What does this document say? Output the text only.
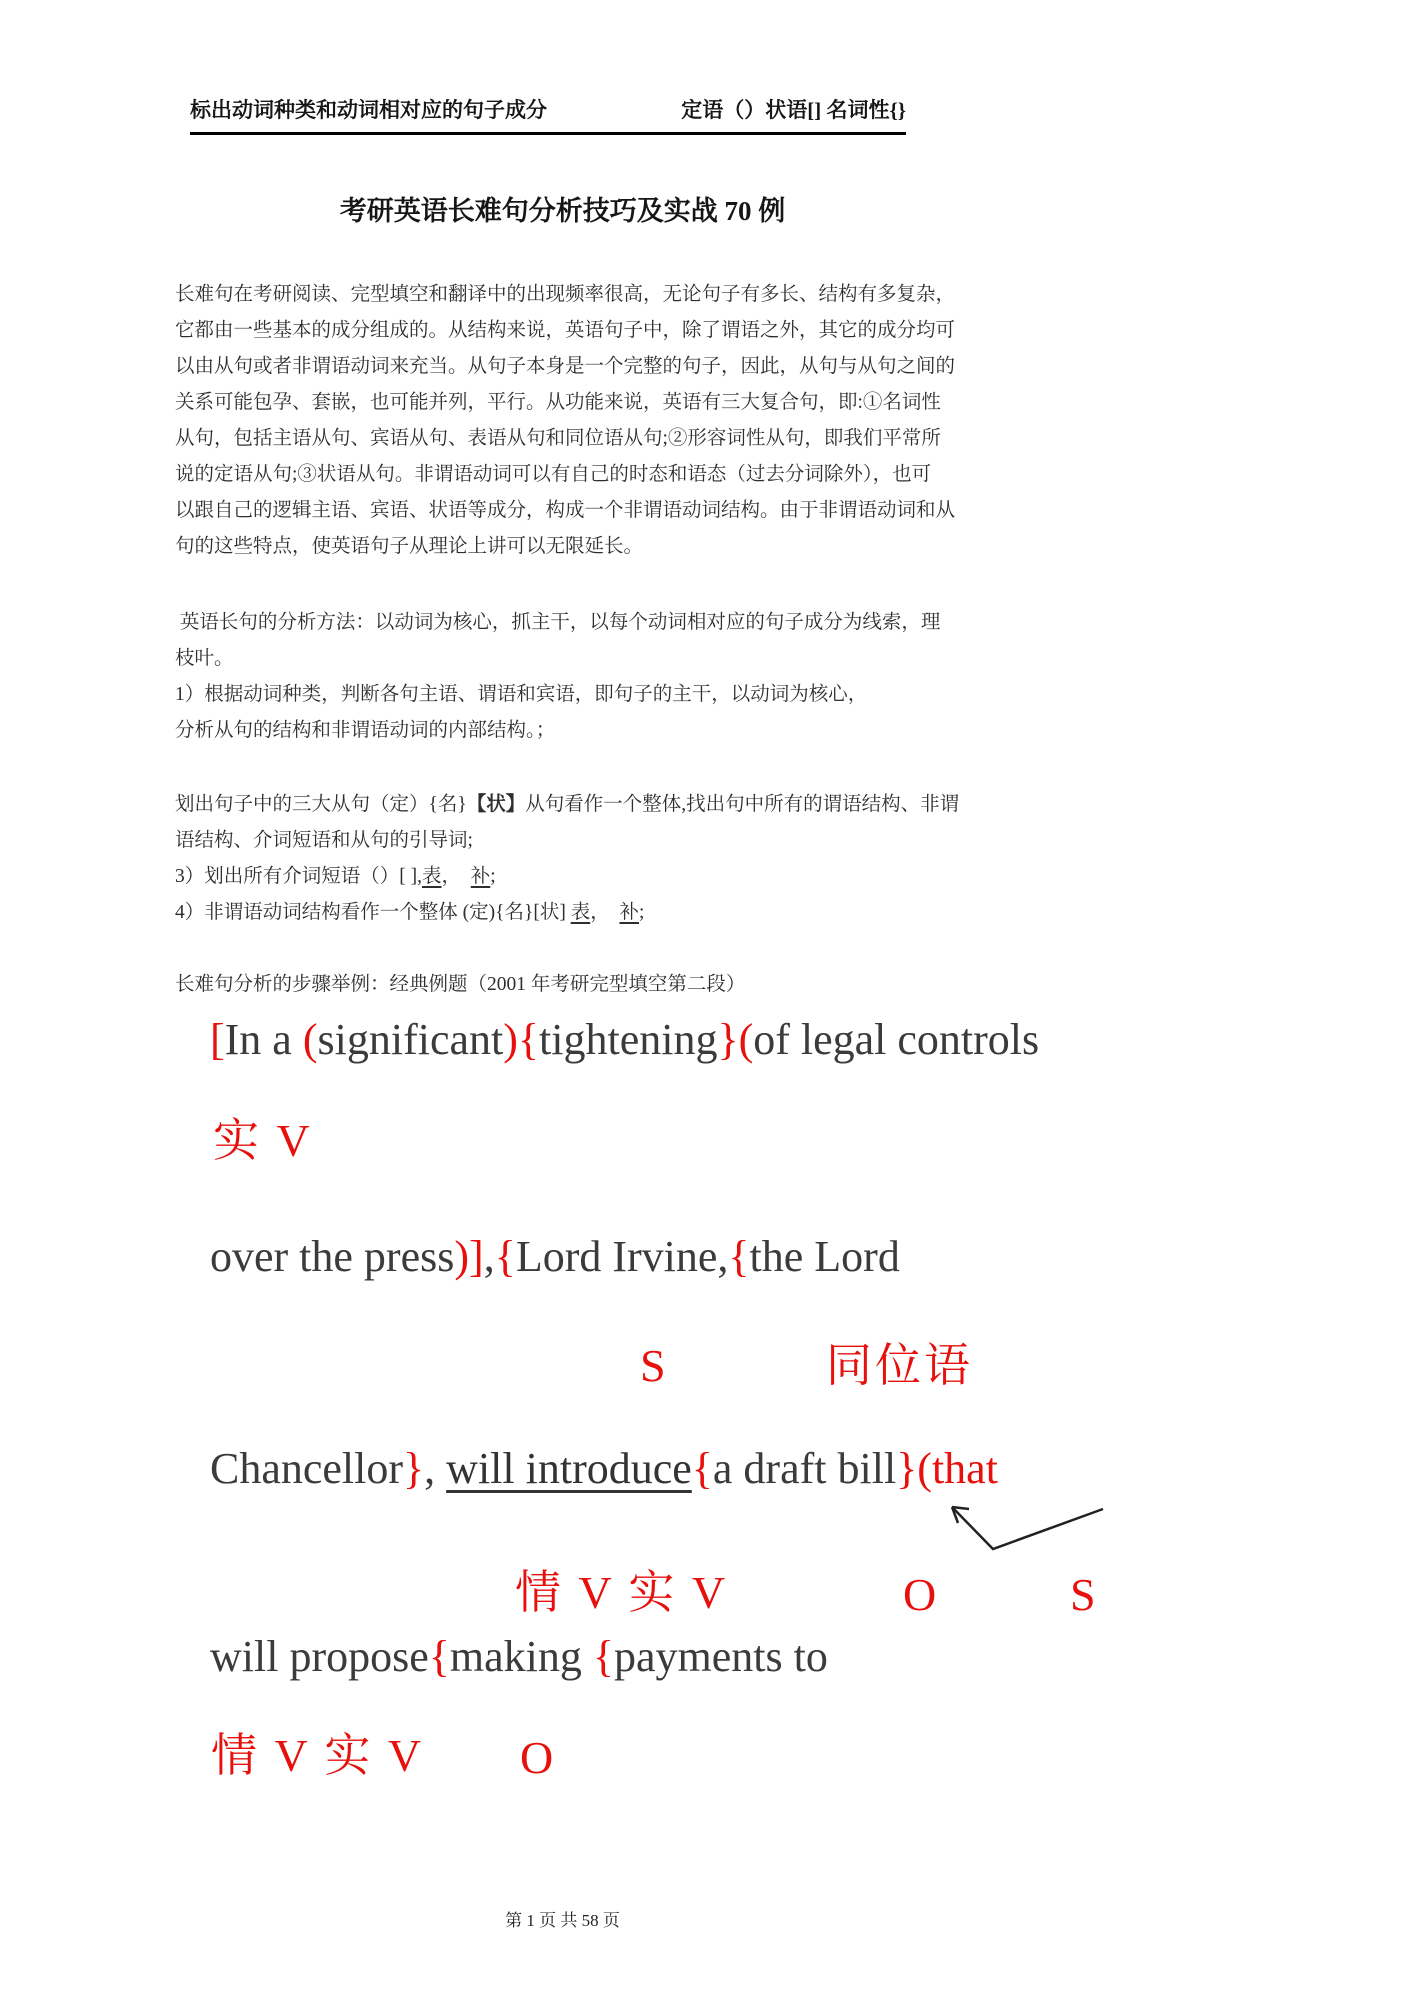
标出动词种类和动词相对应的句子成分	定语（）状语[] 名词性{}
考研英语长难句分析技巧及实战 70 例
长难句在考研阅读、完型填空和翻译中的出现频率很高，无论句子有多长、结构有多复杂，
它都由一些基本的成分组成的。从结构来说，英语句子中，除了谓语之外，其它的成分均可
以由从句或者非谓语动词来充当。从句子本身是一个完整的句子，因此，从句与从句之间的
关系可能包孕、套嵌，也可能并列，平行。从功能来说，英语有三大复合句，即:①名词性
从句，包括主语从句、宾语从句、表语从句和同位语从句;②形容词性从句，即我们平常所
说的定语从句;③状语从句。非谓语动词可以有自己的时态和语态（过去分词除外），也可
以跟自己的逻辑主语、宾语、状语等成分，构成一个非谓语动词结构。由于非谓语动词和从
句的这些特点，使英语句子从理论上讲可以无限延长。
英语长句的分析方法：以动词为核心，抓主干，以每个动词相对应的句子成分为线索，理
枝叶。
1）根据动词种类，判断各句主语、谓语和宾语，即句子的主干，以动词为核心，
分析从句的结构和非谓语动词的内部结构。；
划出句子中的三大从句（定）{名}【状】从句看作一个整体,找出句中所有的谓语结构、非谓
语结构、介词短语和从句的引导词;
3）划出所有介词短语（）[ ],表，  补;
4）非谓语动词结构看作一个整体 (定){名}[状] 表，  补;
长难句分析的步骤举例：经典例题（2001 年考研完型填空第二段）
[In a (significant){tightening}(of legal controls
实 V
over the press)],{Lord Irvine,{the Lord
S	同位语
Chancellor}, will introduce{a draft bill}(that
情 V 实 V	O	S
will propose{making {payments to
情 V 实 V O
第 1 页 共 58 页
